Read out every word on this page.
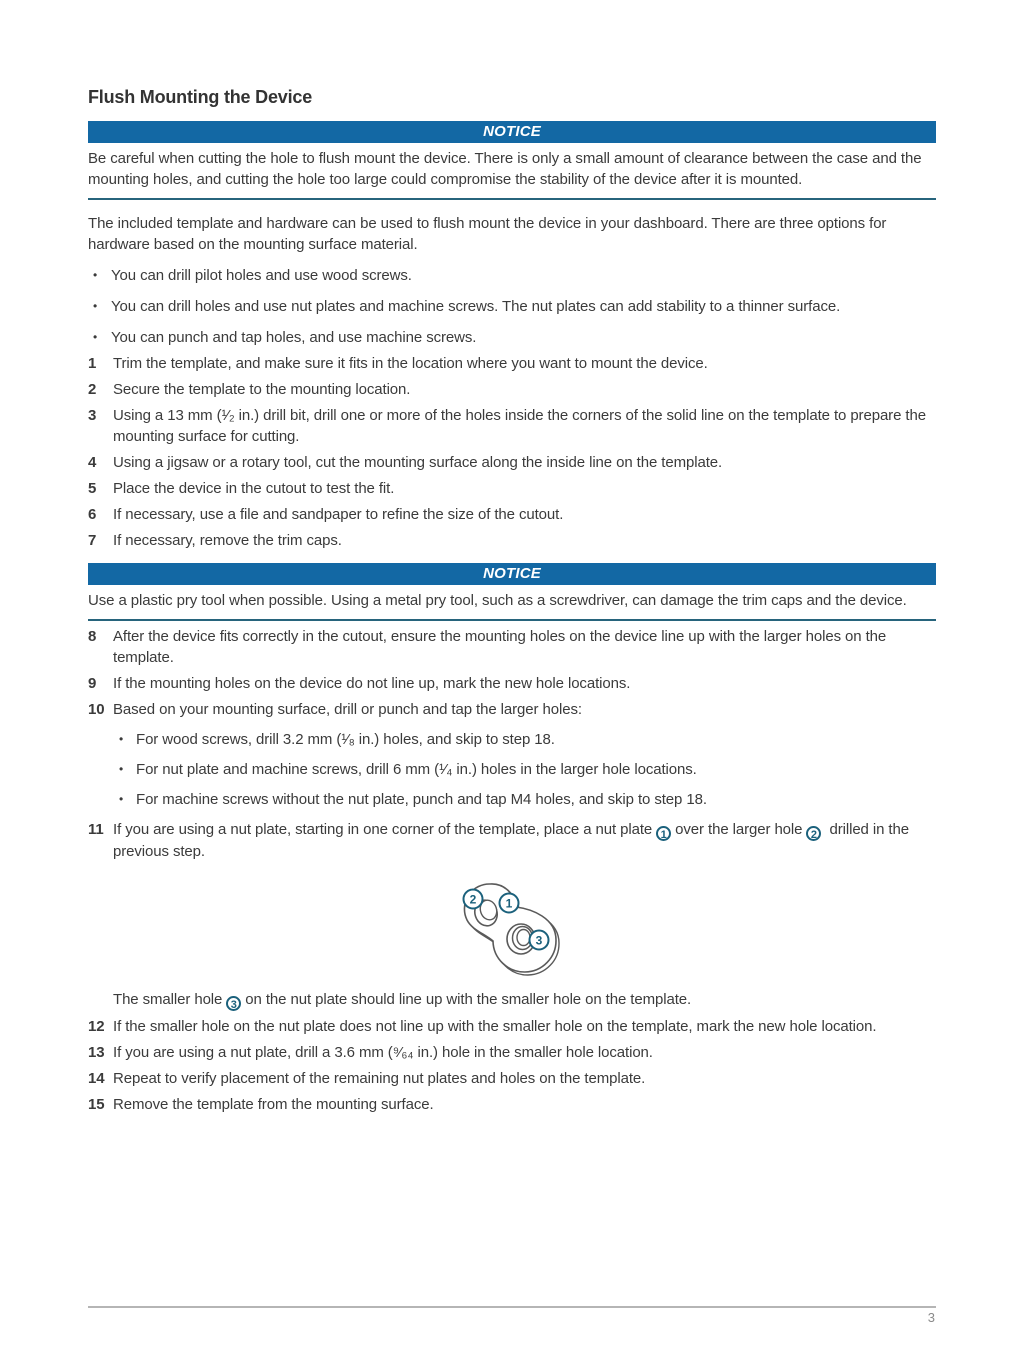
Flush Mounting the Device
NOTICE

Be careful when cutting the hole to flush mount the device. There is only a small amount of clearance between the case and the mounting holes, and cutting the hole too large could compromise the stability of the device after it is mounted.

The included template and hardware can be used to flush mount the device in your dashboard. There are three options for hardware based on the mounting surface material.

• You can drill pilot holes and use wood screws.
• You can drill holes and use nut plates and machine screws. The nut plates can add stability to a thinner surface.
• You can punch and tap holes, and use machine screws.
1	Trim the template, and make sure it fits in the location where you want to mount the device.
2	Secure the template to the mounting location.
3	Using a 13 mm (¹⁄₂ in.) drill bit, drill one or more of the holes inside the corners of the solid line on the template to prepare the mounting surface for cutting.
4	Using a jigsaw or a rotary tool, cut the mounting surface along the inside line on the template.
5	Place the device in the cutout to test the fit.
6	If necessary, use a file and sandpaper to refine the size of the cutout.
7	If necessary, remove the trim caps.
NOTICE

Use a plastic pry tool when possible. Using a metal pry tool, such as a screwdriver, can damage the trim caps and the device.

8	After the device fits correctly in the cutout, ensure the mounting holes on the device line up with the larger holes on the template.
9	If the mounting holes on the device do not line up, mark the new hole locations.
10 Based on your mounting surface, drill or punch and tap the larger holes:
• For wood screws, drill 3.2 mm (¹⁄₈ in.) holes, and skip to step 18.
• For nut plate and machine screws, drill 6 mm (¹⁄₄ in.) holes in the larger hole locations.
• For machine screws without the nut plate, punch and tap M4 holes, and skip to step 18.
11 If you are using a nut plate, starting in one corner of the template, place a nut plate 1 over the larger hole 2 drilled in the previous step.
2 1
3
The smaller hole 3 on the nut plate should line up with the smaller hole on the template.
12 If the smaller hole on the nut plate does not line up with the smaller hole on the template, mark the new hole location.
13 If you are using a nut plate, drill a 3.6 mm (⁹⁄₆₄ in.) hole in the smaller hole location.
14 Repeat to verify placement of the remaining nut plates and holes on the template.
15 Remove the template from the mounting surface.
3
